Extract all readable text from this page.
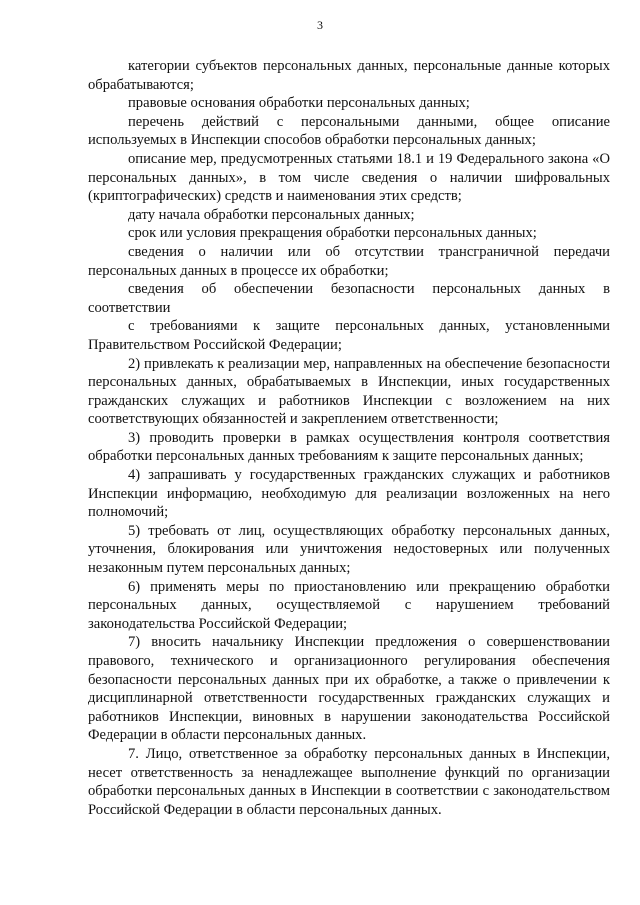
3

категории субъектов персональных данных, персональные данные которых обрабатываются;

правовые основания обработки персональных данных;

перечень действий с персональными данными, общее описание используемых в Инспекции способов обработки персональных данных;

описание мер, предусмотренных статьями 18.1 и 19 Федерального закона «О персональных данных», в том числе сведения о наличии шифровальных (криптографических) средств и наименования этих средств;

дату начала обработки персональных данных;

срок или условия прекращения обработки персональных данных;

сведения о наличии или об отсутствии трансграничной передачи персональных данных в процессе их обработки;

сведения об обеспечении безопасности персональных данных в соответствии

с требованиями к защите персональных данных, установленными Правительством Российской Федерации;

2) привлекать к реализации мер, направленных на обеспечение безопасности персональных данных, обрабатываемых в Инспекции, иных государственных гражданских служащих и работников Инспекции с возложением на них соответствующих обязанностей и закреплением ответственности;

3) проводить проверки в рамках осуществления контроля соответствия обработки персональных данных требованиям к защите персональных данных;

4) запрашивать у государственных гражданских служащих и работников Инспекции информацию, необходимую для реализации возложенных на него полномочий;

5) требовать от лиц, осуществляющих обработку персональных данных, уточнения, блокирования или уничтожения недостоверных или полученных незаконным путем персональных данных;

6) применять меры по приостановлению или прекращению обработки персональных данных, осуществляемой с нарушением требований законодательства Российской Федерации;

7) вносить начальнику Инспекции предложения о совершенствовании правового, технического и организационного регулирования обеспечения безопасности персональных данных при их обработке, а также о привлечении к дисциплинарной ответственности государственных гражданских служащих и работников Инспекции, виновных в нарушении законодательства Российской Федерации в области персональных данных.

7. Лицо, ответственное за обработку персональных данных в Инспекции, несет ответственность за ненадлежащее выполнение функций по организации обработки персональных данных в Инспекции в соответствии с законодательством Российской Федерации в области персональных данных.
